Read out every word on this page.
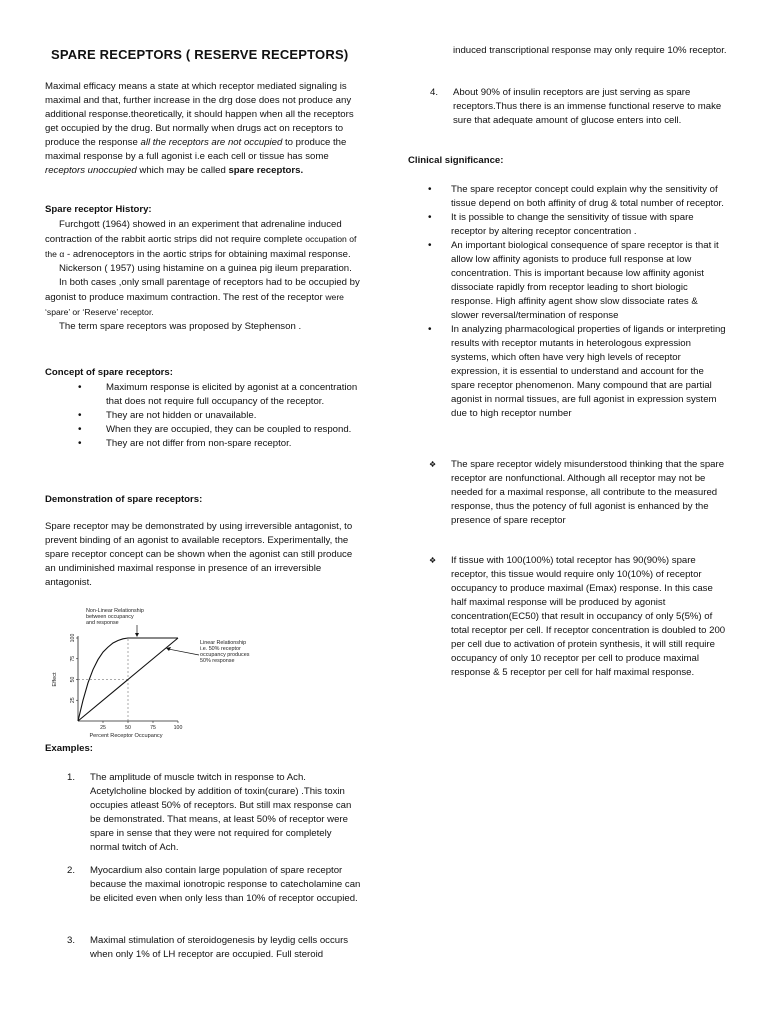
SPARE RECEPTORS ( RESERVE RECEPTORS)

Maximal efficacy means a state at which receptor mediated signaling is maximal and that, further increase in the drg dose does not produce any additional response.theoretically, it should happen when all the receptors get occupied by the drug. But normally when drugs act on receptors to produce the response all the receptors are not occupied to produce the maximal response by a full agonist i.e each cell or tissue has some receptors unoccupied which may be called spare receptors.

Spare receptor History:

Furchgott (1964) showed in an experiment that adrenaline induced contraction of the rabbit aortic strips did not require complete occupation of the α - adrenoceptors in the aortic strips for obtaining maximal response.

Nickerson ( 1957) using histamine on a guinea pig ileum preparation.

In both cases ,only small parentage of receptors had to be occupied by agonist to produce maximum contraction. The rest of the receptor were ‘spare’ or ‘Reserve’ receptor.

The term spare receptors was proposed by Stephenson .

Concept of spare receptors:
• Maximum response is elicited by agonist at a concentration that does not require full occupancy of the receptor.
• They are not hidden or unavailable.
• When they are occupied, they can be coupled to respond.
• They are not differ from non-spare receptor.
Demonstration of spare receptors:

Spare receptor may be demonstrated by using irreversible antagonist, to prevent binding of an agonist to available receptors. Experimentally, the spare receptor concept can be shown when the agonist can still produce an undiminished maximal response in presence of an irreversible antagonist.

25	50	75	100
25
50
75
100
Percent Receptor Occupancy
Effect
Non-Linear Relationship
between occupancy
and response
Linear Relationship
i.e. 50% receptor
occupancy produces
50% response
Examples:
1. The amplitude of muscle twitch in response to Ach. Acetylcholine blocked by addition of toxin(curare) .This toxin occupies atleast 50% of receptors. But still max response can be demonstrated. That means, at least 50% of receptor were spare in sense that they were not required for completely normal twitch of Ach.
2. Myocardium also contain large population of spare receptor because the maximal ionotropic response to catecholamine can be elicited even when only less than 10% of receptor occupied.
3. Maximal stimulation of steroidogenesis by leydig cells occurs when only 1% of LH receptor are occupied. Full steroid

induced transcriptional response may only require 10% receptor.

4. About 90% of insulin receptors are just serving as spare receptors.Thus there is an immense functional reserve to make sure that adequate amount of glucose enters into cell.
Clinical significance:
• The spare receptor concept could explain why the sensitivity of tissue depend on both affinity of drug & total number of receptor.
• It is possible to change the sensitivity of tissue with spare receptor by altering receptor concentration .
• An important biological consequence of spare receptor is that it allow low affinity agonists to produce full response at low concentration. This is important because low affinity agonist dissociate rapidly from receptor leading to short biologic response. High affinity agent show slow dissociate rates & slower reversal/termination of response
• In analyzing pharmacological properties of ligands or interpreting results with receptor mutants in heterologous expression systems, which often have very high levels of receptor expression, it is essential to understand and account for the spare receptor phenomenon. Many compound that are partial agonist in normal tissues, are full agonist in expression system due to high receptor number
❖ The spare receptor widely misunderstood thinking that the spare receptor are nonfunctional. Although all receptor may not be needed for a maximal response, all contribute to the measured response, thus the potency of full agonist is enhanced by the presence of spare receptor
❖ If tissue with 100(100%) total receptor has 90(90%) spare receptor, this tissue would require only 10(10%) of receptor occupancy to produce maximal (Emax) response. In this case half maximal response will be produced by agonist concentration(EC50) that result in occupancy of only 5(5%) of total receptor per cell. If receptor concentration is doubled to 200 per cell due to activation of protein synthesis, it will still require occupancy of only 10 receptor per cell to produce maximal response & 5 receptor per cell for half maximal response.
